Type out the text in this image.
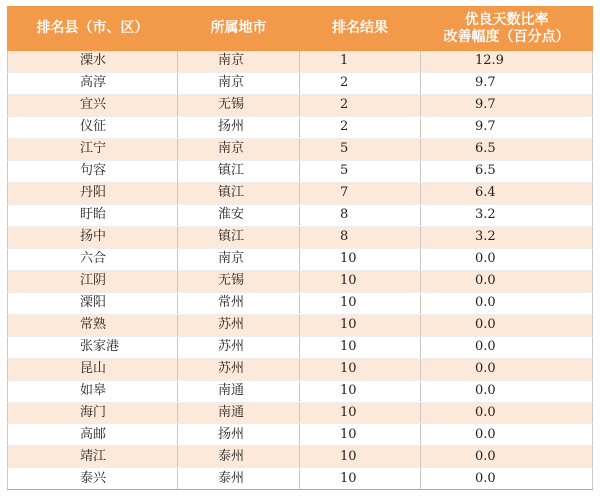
排名县（市、区）	所属地市	排名结果	优良天数比率
改善幅度（百分点）

溧水	南京	1	12.9
高淳	南京	2	9.7
宜兴	无锡	2	9.7
仪征	扬州	2	9.7
江宁	南京	5	6.5
句容	镇江	5	6.5
丹阳	镇江	7	6.4
盱眙	淮安	8	3.2
扬中	镇江	8	3.2
六合	南京	10	0.0
江阴	无锡	10	0.0
溧阳	常州	10	0.0
常熟	苏州	10	0.0
张家港	苏州	10	0.0
昆山	苏州	10	0.0
如皋	南通	10	0.0
海门	南通	10	0.0
高邮	扬州	10	0.0
靖江	泰州	10	0.0
泰兴	泰州	10	0.0
